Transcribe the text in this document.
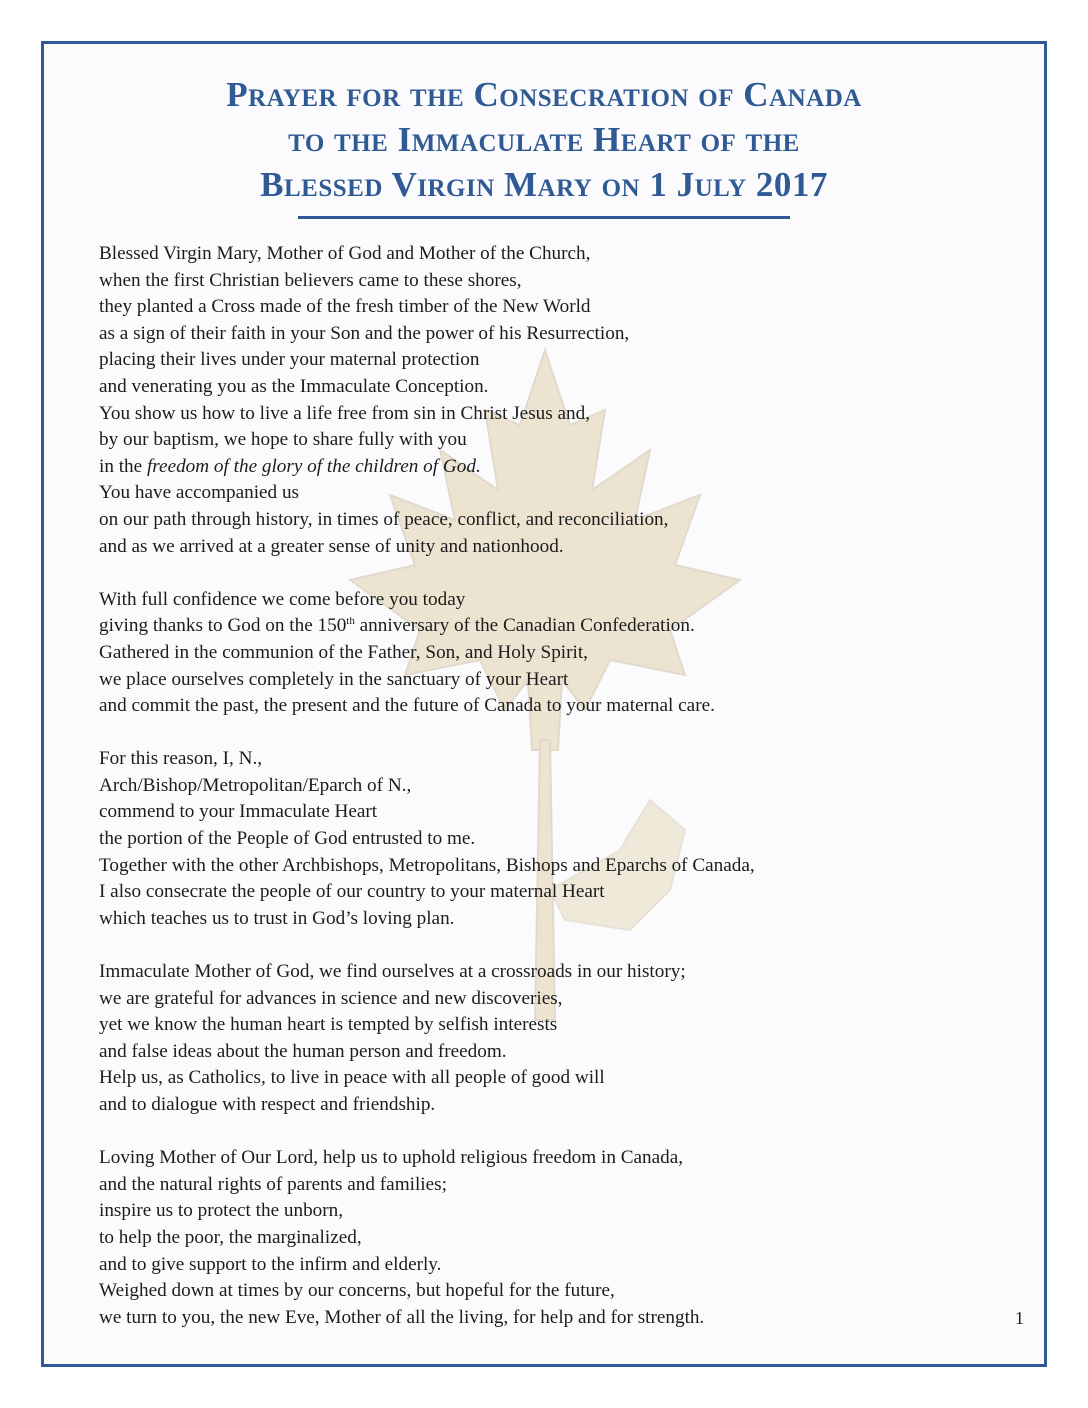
Prayer for the Consecration of Canada
to the Immaculate Heart of the
Blessed Virgin Mary on 1 July 2017
Blessed Virgin Mary, Mother of God and Mother of the Church,
when the first Christian believers came to these shores,
they planted a Cross made of the fresh timber of the New World
as a sign of their faith in your Son and the power of his Resurrection,
placing their lives under your maternal protection
and venerating you as the Immaculate Conception.
You show us how to live a life free from sin in Christ Jesus and,
by our baptism, we hope to share fully with you
in the freedom of the glory of the children of God.
You have accompanied us
on our path through history, in times of peace, conflict, and reconciliation,
and as we arrived at a greater sense of unity and nationhood.
With full confidence we come before you today
giving thanks to God on the 150th anniversary of the Canadian Confederation.
Gathered in the communion of the Father, Son, and Holy Spirit,
we place ourselves completely in the sanctuary of your Heart
and commit the past, the present and the future of Canada to your maternal care.
For this reason, I, N.,
Arch/Bishop/Metropolitan/Eparch of N.,
commend to your Immaculate Heart
the portion of the People of God entrusted to me.
Together with the other Archbishops, Metropolitans, Bishops and Eparchs of Canada,
I also consecrate the people of our country to your maternal Heart
which teaches us to trust in God’s loving plan.
Immaculate Mother of God, we find ourselves at a crossroads in our history;
we are grateful for advances in science and new discoveries,
yet we know the human heart is tempted by selfish interests
and false ideas about the human person and freedom.
Help us, as Catholics, to live in peace with all people of good will
and to dialogue with respect and friendship.
Loving Mother of Our Lord, help us to uphold religious freedom in Canada,
and the natural rights of parents and families;
inspire us to protect the unborn,
to help the poor, the marginalized,
and to give support to the infirm and elderly.
Weighed down at times by our concerns, but hopeful for the future,
we turn to you, the new Eve, Mother of all the living, for help and for strength.	1
